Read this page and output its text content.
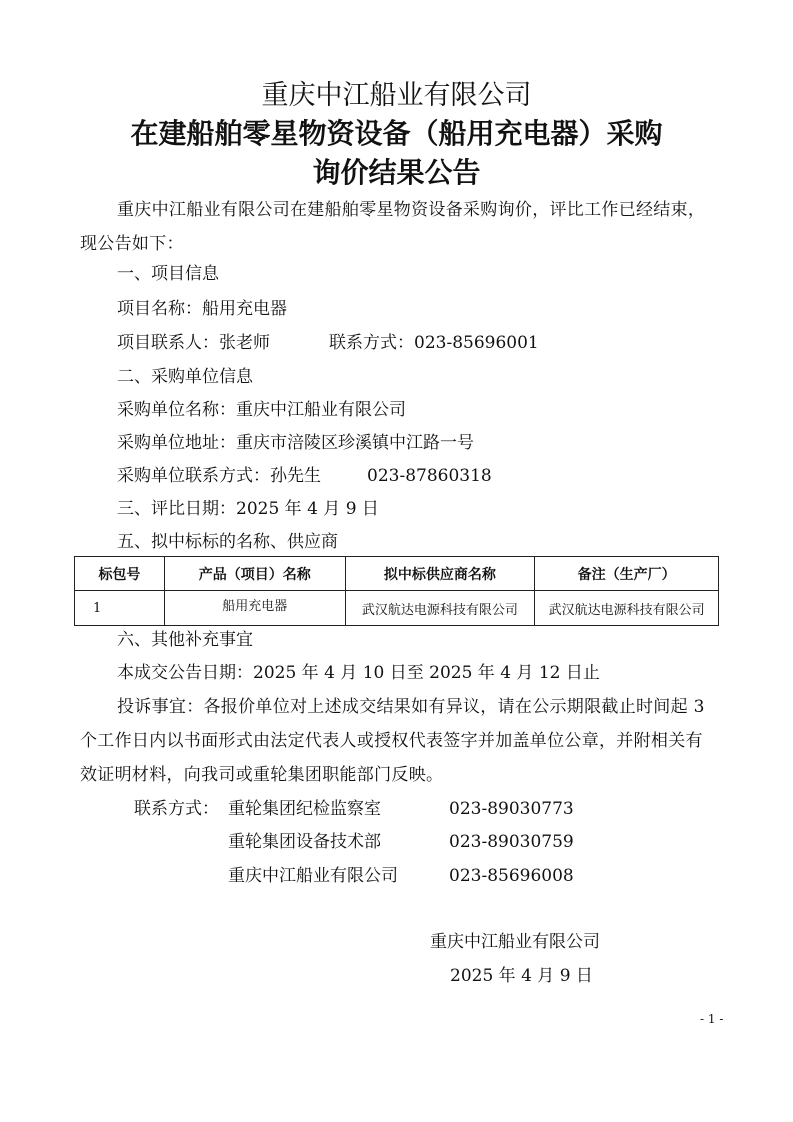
重庆中江船业有限公司
在建船舶零星物资设备（船用充电器）采购
询价结果公告
重庆中江船业有限公司在建船舶零星物资设备采购询价，评比工作已经结束，现公告如下：
一、项目信息
项目名称：船用充电器
项目联系人：张老师	联系方式：023-85696001
二、采购单位信息
采购单位名称：重庆中江船业有限公司
采购单位地址：重庆市涪陵区珍溪镇中江路一号
采购单位联系方式：孙先生	023-87860318
三、评比日期：2025 年 4 月 9 日
五、拟中标标的名称、供应商
标包号	产品（项目）名称	拟中标供应商名称	备注（生产厂）
1	船用充电器	武汉航达电源科技有限公司	武汉航达电源科技有限公司
六、其他补充事宜
本成交公告日期：2025 年 4 月 10 日至 2025 年 4 月 12 日止
投诉事宜：各报价单位对上述成交结果如有异议，请在公示期限截止时间起 3 个工作日内以书面形式由法定代表人或授权代表签字并加盖单位公章，并附相关有效证明材料，向我司或重轮集团职能部门反映。
联系方式： 重轮集团纪检监察室	023-89030773
重轮集团设备技术部	023-89030759
重庆中江船业有限公司	023-85696008
重庆中江船业有限公司
2025 年 4 月 9 日
- 1 -
